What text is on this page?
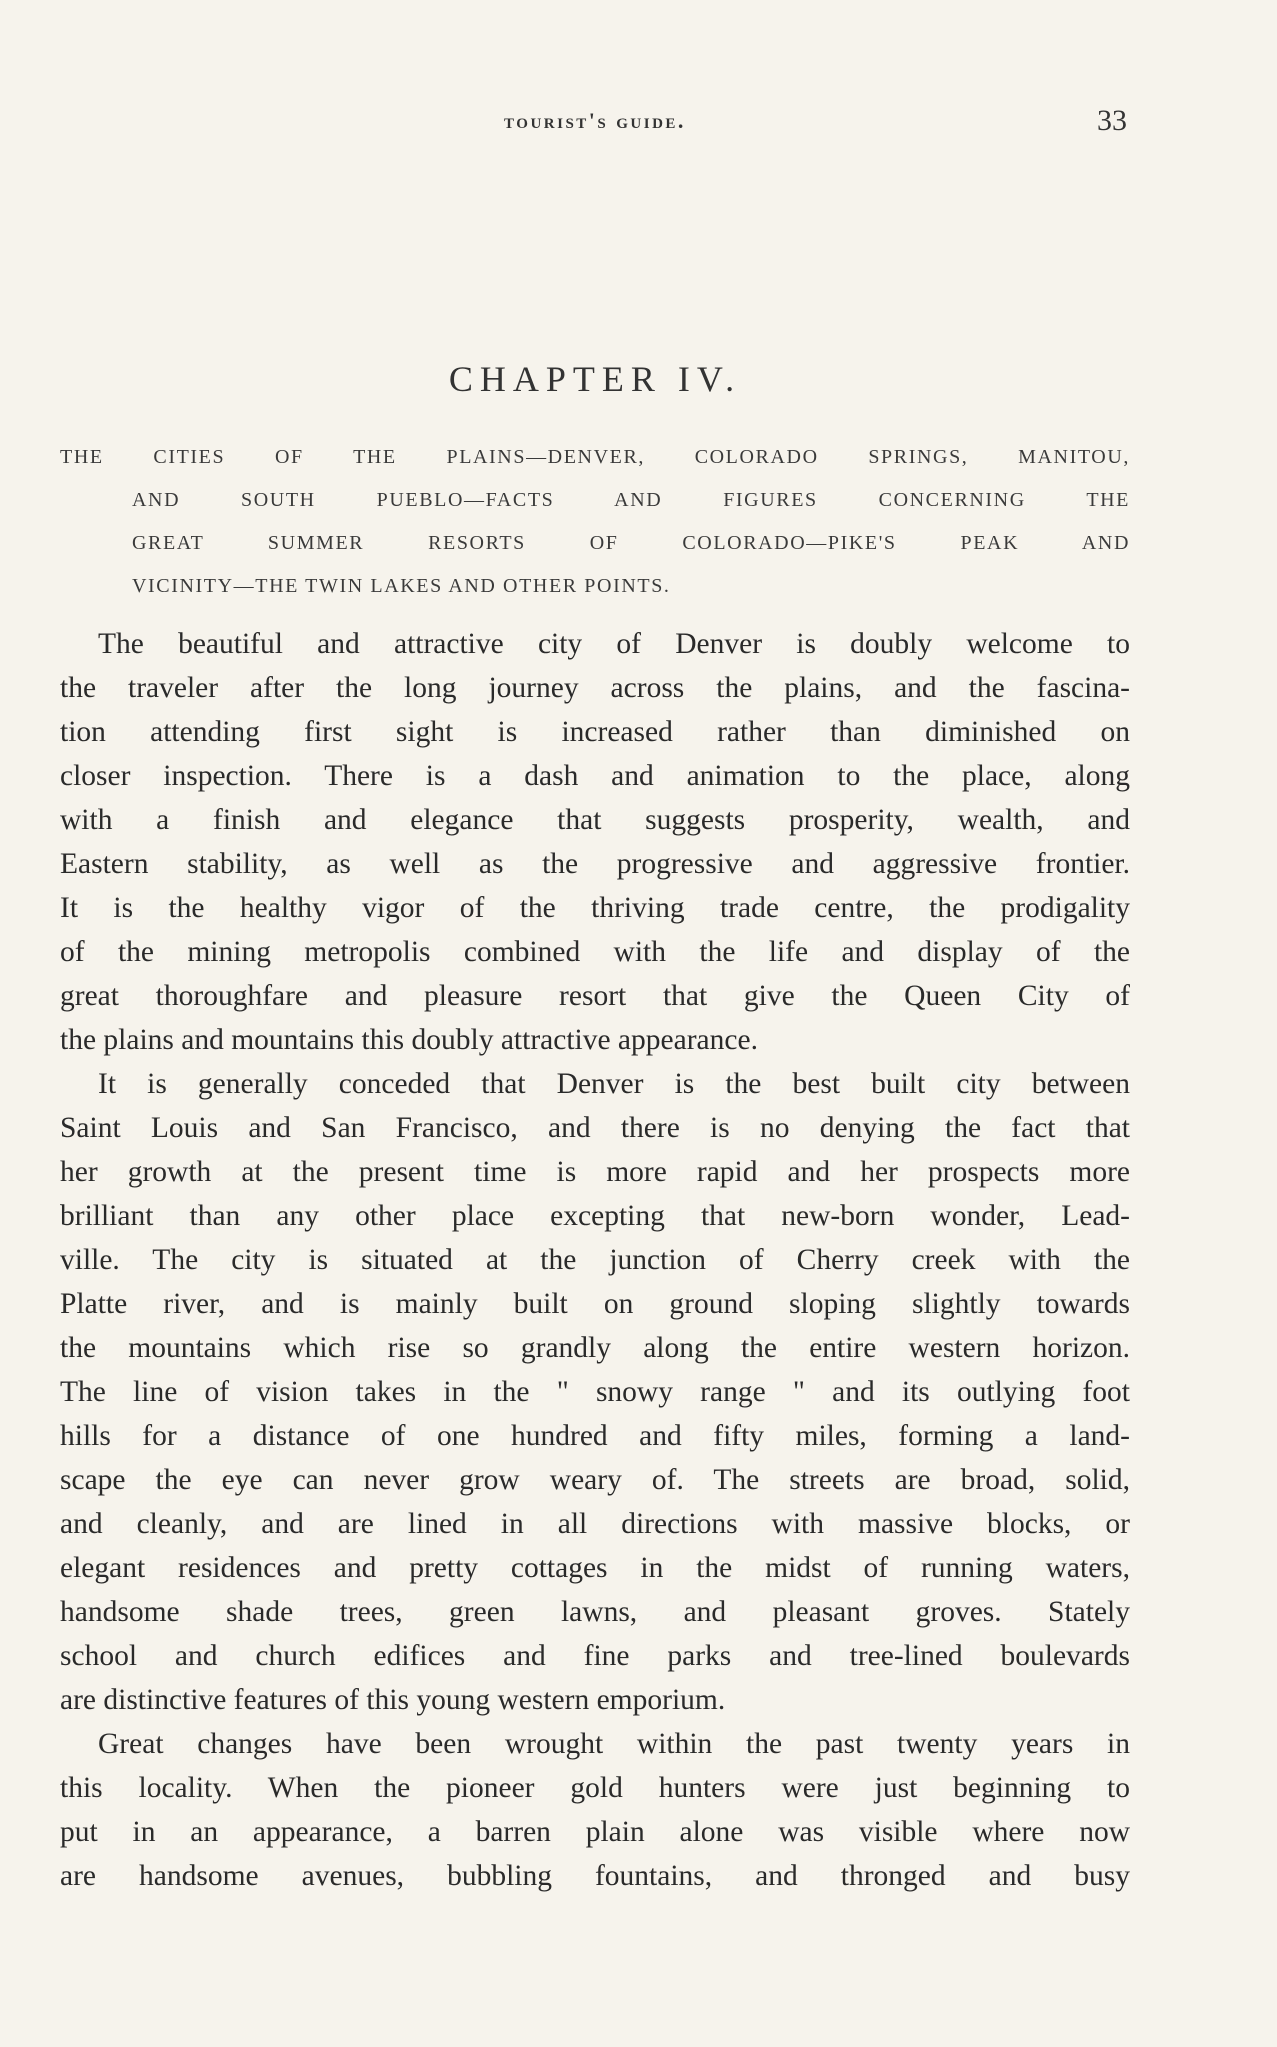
tourist's guide.	33
CHAPTER IV.
THE CITIES OF THE PLAINS—DENVER, COLORADO SPRINGS, MANITOU,
AND SOUTH PUEBLO—FACTS AND FIGURES CONCERNING THE
GREAT SUMMER RESORTS OF COLORADO—PIKE'S PEAK AND
VICINITY—THE TWIN LAKES AND OTHER POINTS.
The beautiful and attractive city of Denver is doubly welcome to
the traveler after the long journey across the plains, and the fascina-
tion attending first sight is increased rather than diminished on
closer inspection. There is a dash and animation to the place, along
with a finish and elegance that suggests prosperity, wealth, and
Eastern stability, as well as the progressive and aggressive frontier.
It is the healthy vigor of the thriving trade centre, the prodigality
of the mining metropolis combined with the life and display of the
great thoroughfare and pleasure resort that give the Queen City of
the plains and mountains this doubly attractive appearance.
It is generally conceded that Denver is the best built city between
Saint Louis and San Francisco, and there is no denying the fact that
her growth at the present time is more rapid and her prospects more
brilliant than any other place excepting that new-born wonder, Lead-
ville. The city is situated at the junction of Cherry creek with the
Platte river, and is mainly built on ground sloping slightly towards
the mountains which rise so grandly along the entire western horizon.
The line of vision takes in the " snowy range " and its outlying foot
hills for a distance of one hundred and fifty miles, forming a land-
scape the eye can never grow weary of. The streets are broad, solid,
and cleanly, and are lined in all directions with massive blocks, or
elegant residences and pretty cottages in the midst of running waters,
handsome shade trees, green lawns, and pleasant groves. Stately
school and church edifices and fine parks and tree-lined boulevards
are distinctive features of this young western emporium.
Great changes have been wrought within the past twenty years in
this locality. When the pioneer gold hunters were just beginning to
put in an appearance, a barren plain alone was visible where now
are handsome avenues, bubbling fountains, and thronged and busy
